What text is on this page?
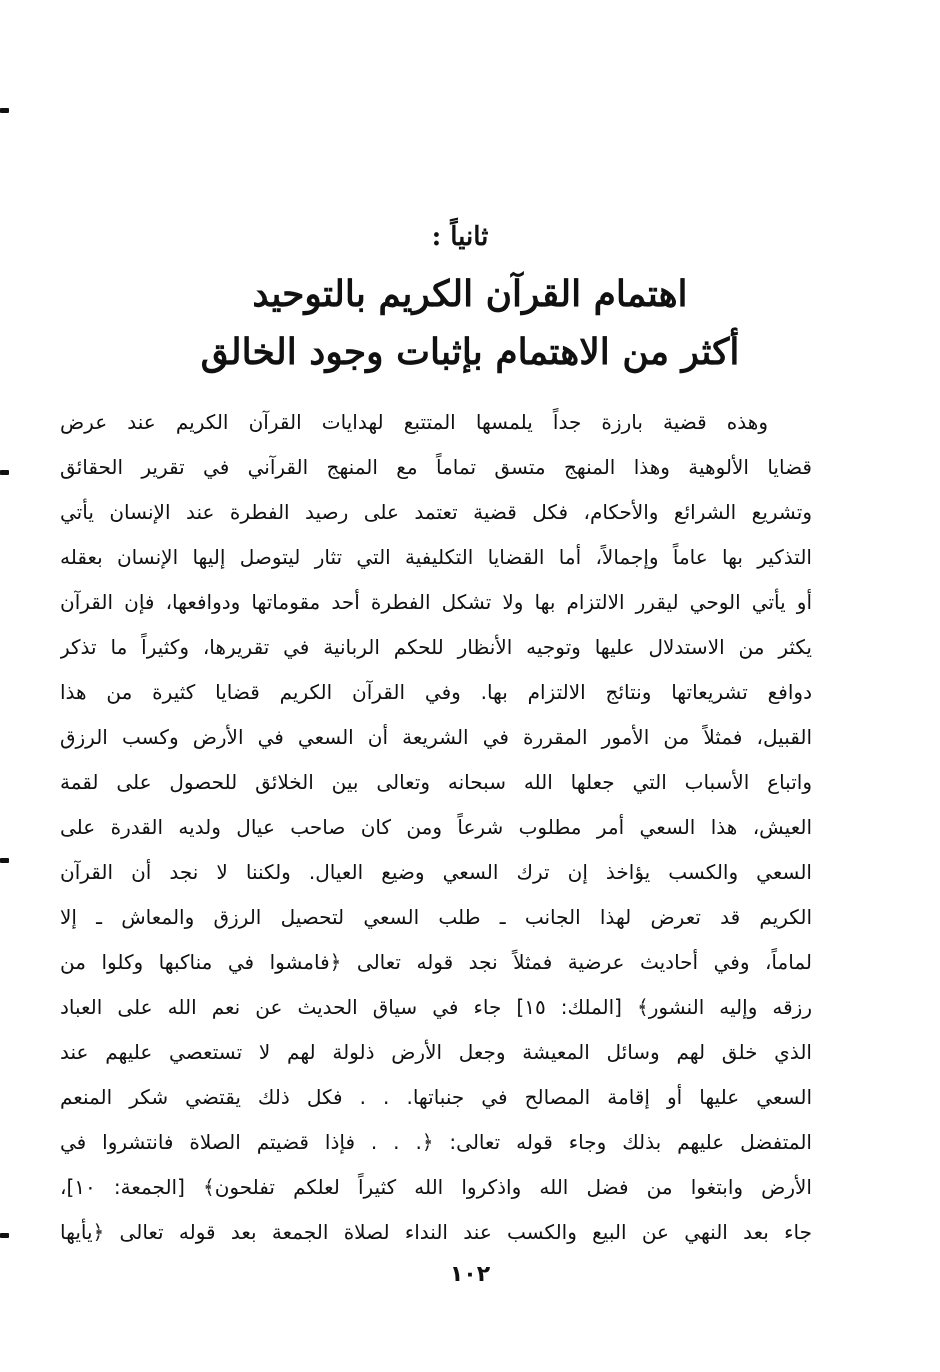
ثانياً :
اهتمام القرآن الكريم بالتوحيد
أكثر من الاهتمام بإثبات وجود الخالق
وهذه قضية بارزة جداً يلمسها المتتبع لهدايات القرآن الكريم عند عرض
قضايا الألوهية وهذا المنهج متسق تماماً مع المنهج القرآني في تقرير الحقائق
وتشريع الشرائع والأحكام، فكل قضية تعتمد على رصيد الفطرة عند الإنسان يأتي
التذكير بها عاماً وإجمالاً، أما القضايا التكليفية التي تثار ليتوصل إليها الإنسان بعقله
أو يأتي الوحي ليقرر الالتزام بها ولا تشكل الفطرة أحد مقوماتها ودوافعها، فإن القرآن
يكثر من الاستدلال عليها وتوجيه الأنظار للحكم الربانية في تقريرها، وكثيراً ما تذكر
دوافع تشريعاتها ونتائج الالتزام بها. وفي القرآن الكريم قضايا كثيرة من هذا
القبيل، فمثلاً من الأمور المقررة في الشريعة أن السعي في الأرض وكسب الرزق
واتباع الأسباب التي جعلها الله سبحانه وتعالى بين الخلائق للحصول على لقمة
العيش، هذا السعي أمر مطلوب شرعاً ومن كان صاحب عيال ولديه القدرة على
السعي والكسب يؤاخذ إن ترك السعي وضيع العيال. ولكننا لا نجد أن القرآن
الكريم قد تعرض لهذا الجانب ـ طلب السعي لتحصيل الرزق والمعاش ـ إلا
لماماً، وفي أحاديث عرضية فمثلاً نجد قوله تعالى ﴿فامشوا في مناكبها وكلوا من
رزقه وإليه النشور﴾ [الملك: ١٥] جاء في سياق الحديث عن نعم الله على العباد
الذي خلق لهم وسائل المعيشة وجعل الأرض ذلولة لهم لا تستعصي عليهم عند
السعي عليها أو إقامة المصالح في جنباتها. . . فكل ذلك يقتضي شكر المنعم
المتفضل عليهم بذلك وجاء قوله تعالى: ﴿. . . فإذا قضيتم الصلاة فانتشروا في
الأرض وابتغوا من فضل الله واذكروا الله كثيراً لعلكم تفلحون﴾ [الجمعة: ١٠]،
جاء بعد النهي عن البيع والكسب عند النداء لصلاة الجمعة بعد قوله تعالى ﴿يأيها
١٠٢
